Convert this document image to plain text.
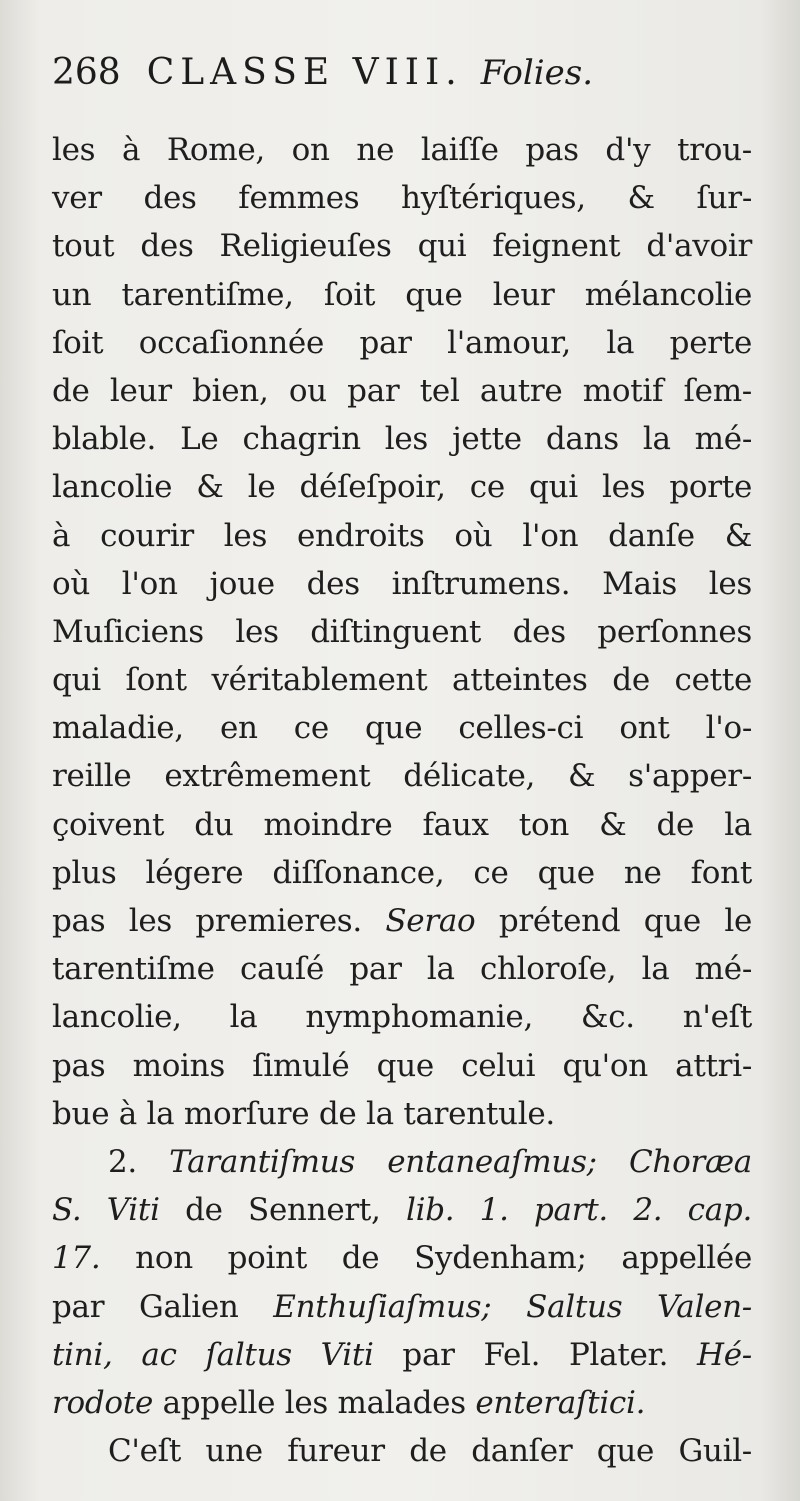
268 CLASSE VIII. Folies.
les à Rome, on ne laiſſe pas d'y trou-
ver des femmes hyſtériques, & ſur-
tout des Religieuſes qui feignent d'avoir
un tarentiſme, ſoit que leur mélancolie
ſoit occaſionnée par l'amour, la perte
de leur bien, ou par tel autre motif ſem-
blable. Le chagrin les jette dans la mé-
lancolie & le déſeſpoir, ce qui les porte
à courir les endroits où l'on danſe &
où l'on joue des inſtrumens. Mais les
Muſiciens les diſtinguent des perſonnes
qui ſont véritablement atteintes de cette
maladie, en ce que celles-ci ont l'o-
reille extrêmement délicate, & s'apper-
çoivent du moindre faux ton & de la
plus légere diſſonance, ce que ne font
pas les premieres. Serao prétend que le
tarentiſme cauſé par la chloroſe, la mé-
lancolie, la nymphomanie, &c. n'eſt
pas moins ſimulé que celui qu'on attri-
bue à la morſure de la tarentule.
2. Tarantiſmus entaneaſmus; Choræa
S. Viti de Sennert, lib. 1. part. 2. cap.
17. non point de Sydenham; appellée
par Galien Enthuſiaſmus; Saltus Valen-
tini, ac ſaltus Viti par Fel. Plater. Hé-
rodote appelle les malades enteraſtici.
C'eſt une fureur de danſer que Guil-
